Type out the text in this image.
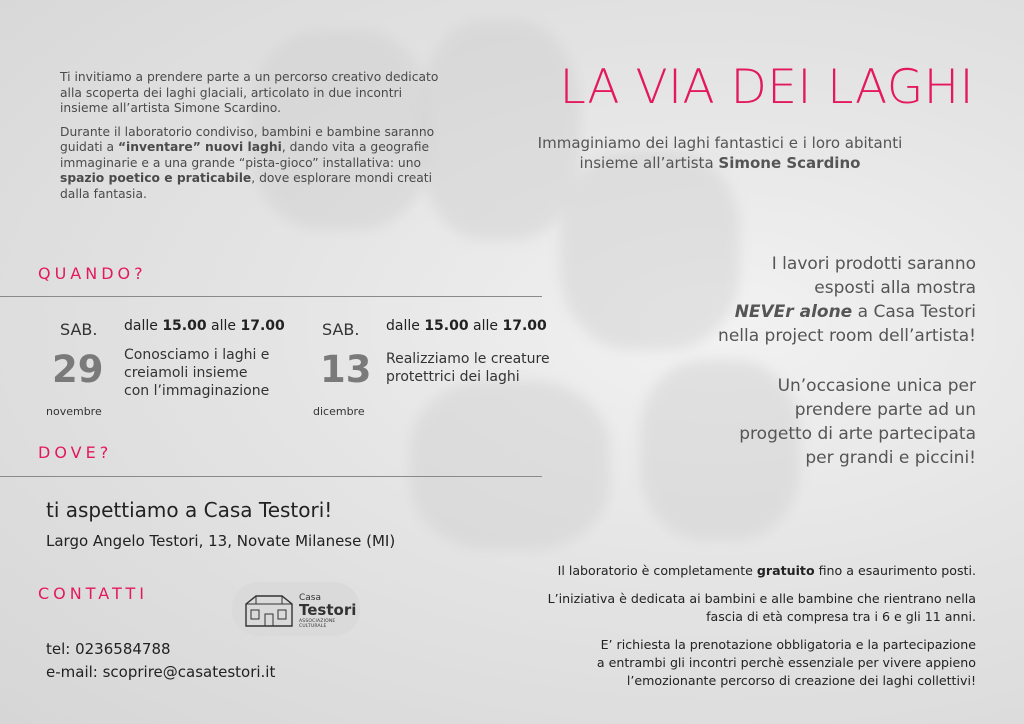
Ti invitiamo a prendere parte a un percorso creativo dedicato alla scoperta dei laghi glaciali, articolato in due incontri insieme all’artista Simone Scardino.

Durante il laboratorio condiviso, bambini e bambine saranno guidati a “inventare” nuovi laghi, dando vita a geografie immaginarie e a una grande “pista-gioco” installativa: uno spazio poetico e praticabile, dove esplorare mondi creati dalla fantasia.

LA VIA DEI LAGHI
Immaginiamo dei laghi fantastici e i loro abitanti
insieme all’artista Simone Scardino
QUANDO?
SAB.
29
novembre
dalle 15.00 alle 17.00
Conosciamo i laghi e
creiamoli insieme
con l’immaginazione
SAB.
13
dicembre
dalle 15.00 alle 17.00
Realizziamo le creature
protettrici dei laghi
I lavori prodotti saranno
esposti alla mostra
NEVEr alone a Casa Testori
nella project room dell’artista!
Un’occasione unica per
prendere parte ad un
progetto di arte partecipata
per grandi e piccini!
DOVE?
ti aspettiamo a Casa Testori!
Largo Angelo Testori, 13, Novate Milanese (MI)
CONTATTI
tel: 0236584788
e-mail: scoprire@casatestori.it
Casa
Testori
ASSOCIAZIONE CULTURALE

Il laboratorio è completamente gratuito fino a esaurimento posti.

L’iniziativa è dedicata ai bambini e alle bambine che rientrano nella
fascia di età compresa tra i 6 e gli 11 anni.

E’ richiesta la prenotazione obbligatoria e la partecipazione
a entrambi gli incontri perchè essenziale per vivere appieno
l’emozionante percorso di creazione dei laghi collettivi!
